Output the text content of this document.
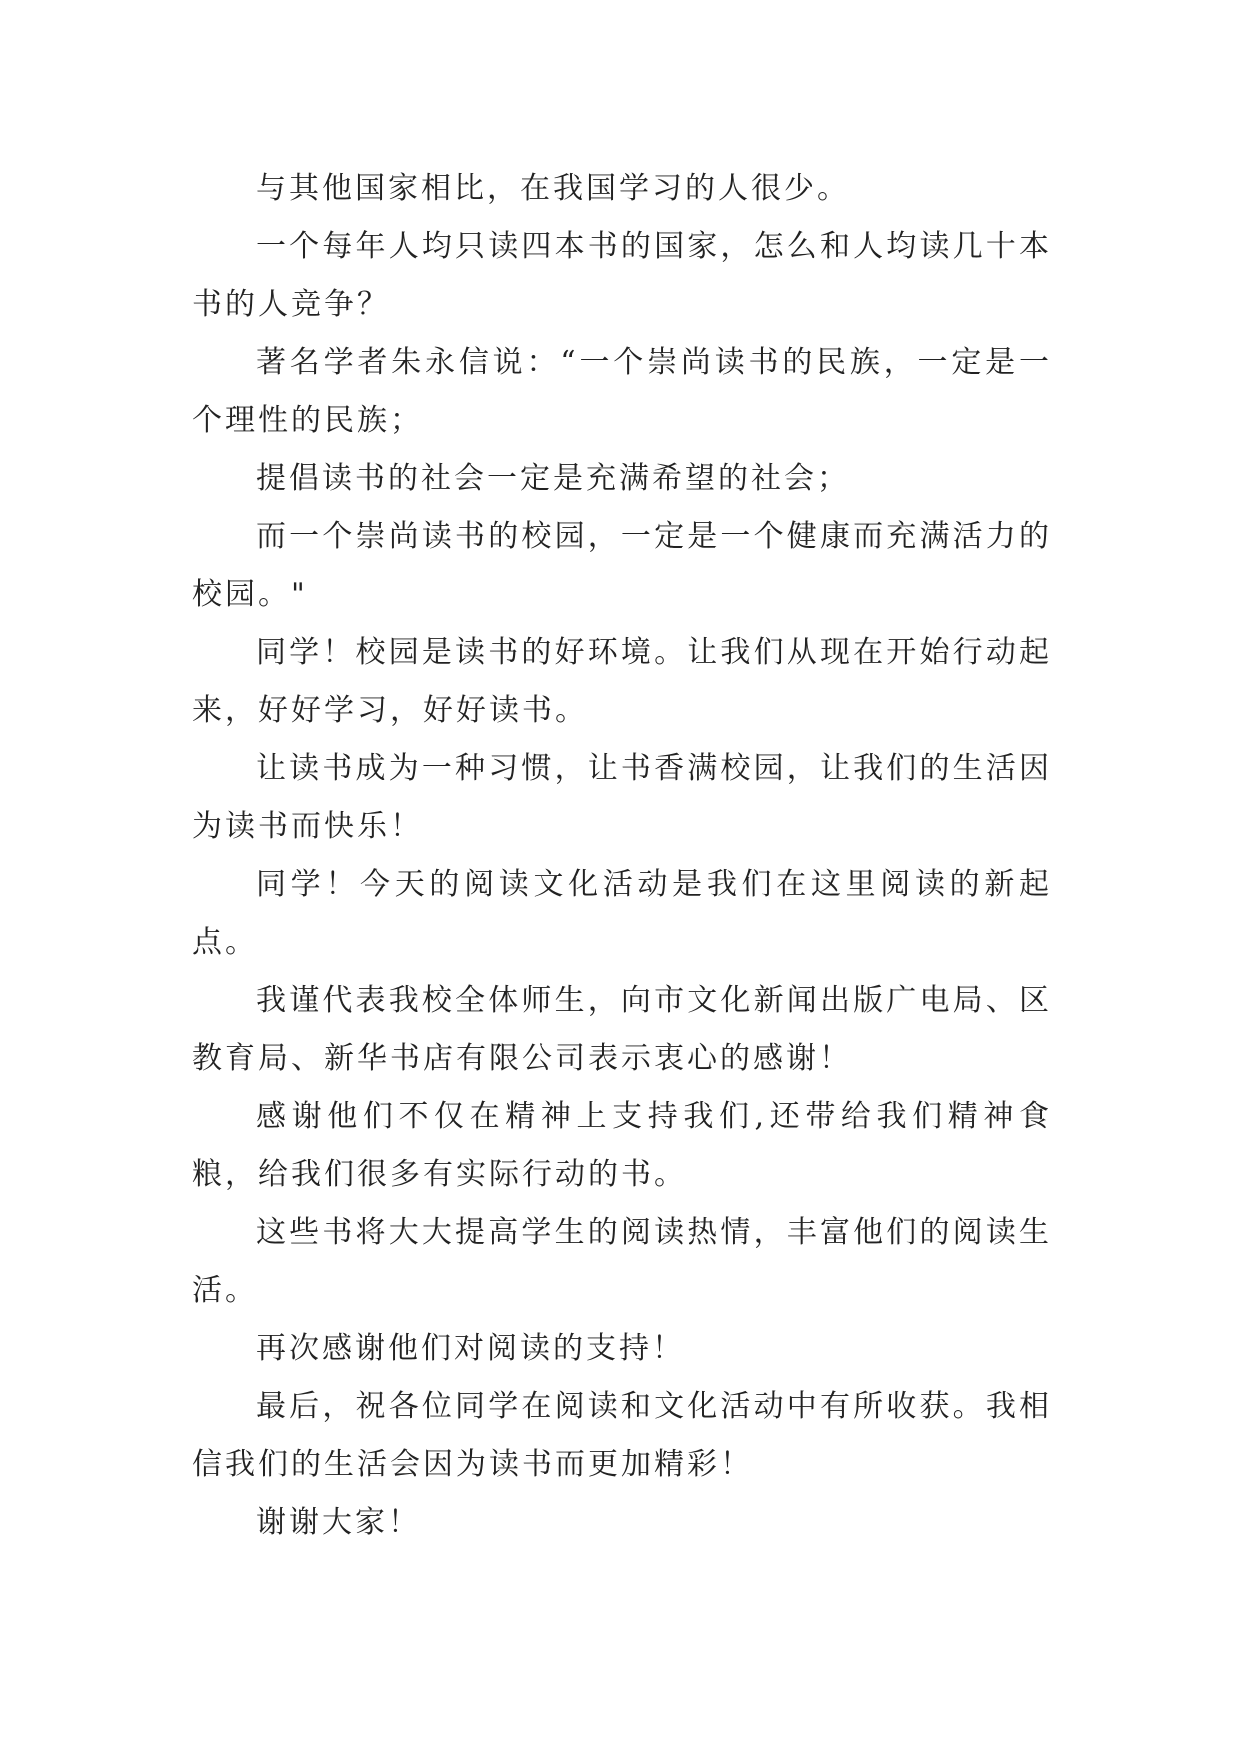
与其他国家相比，在我国学习的人很少。

一个每年人均只读四本书的国家，怎么和人均读几十本书的人竞争？

著名学者朱永信说：“一个崇尚读书的民族，一定是一个理性的民族；

提倡读书的社会一定是充满希望的社会；

而一个崇尚读书的校园，一定是一个健康而充满活力的校园。"

同学！校园是读书的好环境。让我们从现在开始行动起来，好好学习，好好读书。

让读书成为一种习惯，让书香满校园，让我们的生活因为读书而快乐！

同学！今天的阅读文化活动是我们在这里阅读的新起点。

我谨代表我校全体师生，向市文化新闻出版广电局、区教育局、新华书店有限公司表示衷心的感谢！

感谢他们不仅在精神上支持我们,还带给我们精神食粮，给我们很多有实际行动的书。

这些书将大大提高学生的阅读热情，丰富他们的阅读生活。

再次感谢他们对阅读的支持！

最后，祝各位同学在阅读和文化活动中有所收获。我相信我们的生活会因为读书而更加精彩！

谢谢大家！
